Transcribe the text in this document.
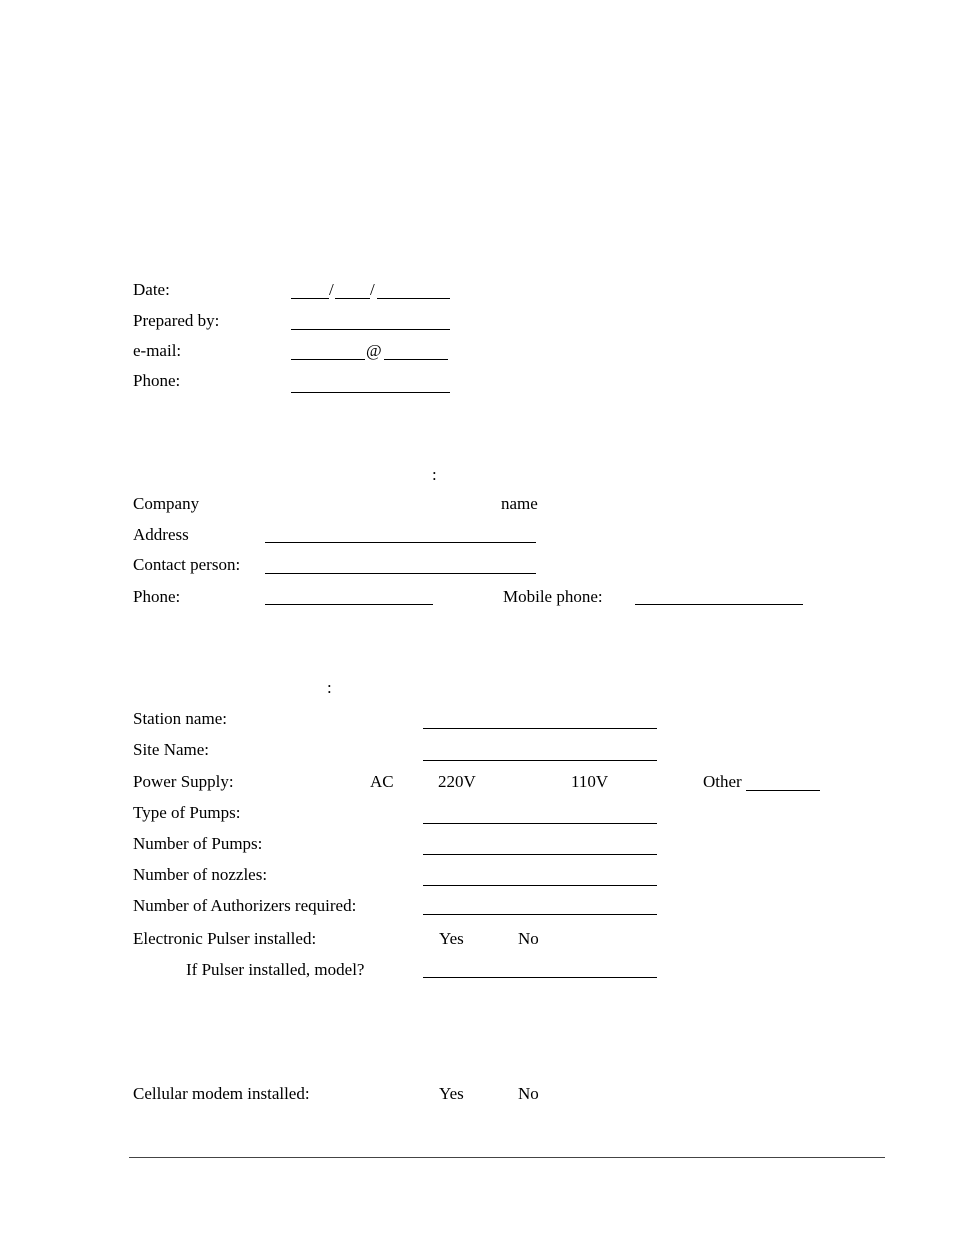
Date:	/ /
Prepared by:
e-mail:	@
Phone:
:
Company	name
Address
Contact person:
Phone:	Mobile phone:
:
Station name:
Site Name:
Power Supply:	AC	220V	110V	Other
Type of Pumps:
Number of Pumps:
Number of nozzles:
Number of Authorizers required:
Electronic Pulser installed:	Yes	No
If Pulser installed, model?
Cellular modem installed:	Yes	No
